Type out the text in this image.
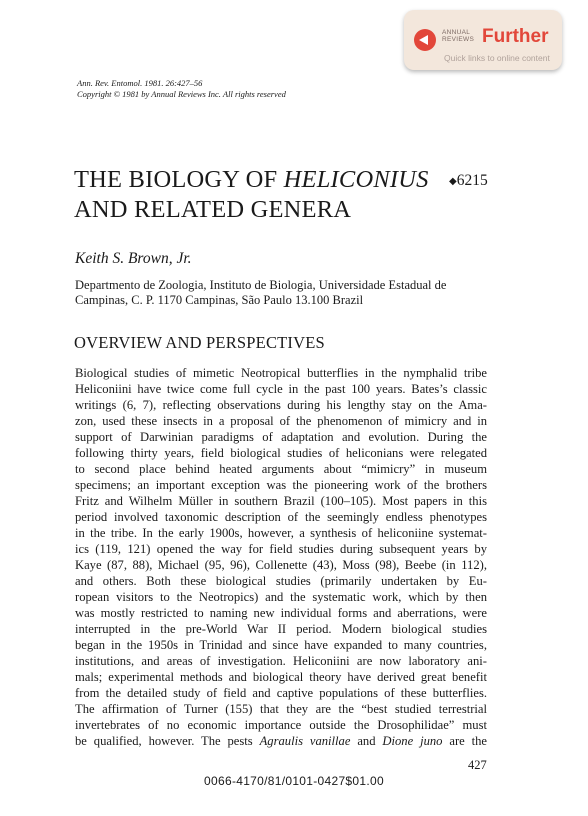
ANNUAL
REVIEWS Further
Quick links to online content
Ann. Rev. Entomol. 1981. 26:427–56
Copyright © 1981 by Annual Reviews Inc. All rights reserved
THE BIOLOGY OF HELICONIUS
AND RELATED GENERA
◆6215
Keith S. Brown, Jr.
Departmento de Zoologia, Instituto de Biologia, Universidade Estadual de
Campinas, C. P. 1170 Campinas, São Paulo 13.100 Brazil
OVERVIEW AND PERSPECTIVES
Biological studies of mimetic Neotropical butterflies in the nymphalid tribe
Heliconiini have twice come full cycle in the past 100 years. Bates’s classic
writings (6, 7), reflecting observations during his lengthy stay on the Ama-
zon, used these insects in a proposal of the phenomenon of mimicry and in
support of Darwinian paradigms of adaptation and evolution. During the
following thirty years, field biological studies of heliconians were relegated
to second place behind heated arguments about “mimicry” in museum
specimens; an important exception was the pioneering work of the brothers
Fritz and Wilhelm Müller in southern Brazil (100–105). Most papers in this
period involved taxonomic description of the seemingly endless phenotypes
in the tribe. In the early 1900s, however, a synthesis of heliconiine systemat-
ics (119, 121) opened the way for field studies during subsequent years by
Kaye (87, 88), Michael (95, 96), Collenette (43), Moss (98), Beebe (in 112),
and others. Both these biological studies (primarily undertaken by Eu-
ropean visitors to the Neotropics) and the systematic work, which by then
was mostly restricted to naming new individual forms and aberrations, were
interrupted in the pre-World War II period. Modern biological studies
began in the 1950s in Trinidad and since have expanded to many countries,
institutions, and areas of investigation. Heliconiini are now laboratory ani-
mals; experimental methods and biological theory have derived great benefit
from the detailed study of field and captive populations of these butterflies.
The affirmation of Turner (155) that they are the “best studied terrestrial
invertebrates of no economic importance outside the Drosophilidae” must
be qualified, however. The pests Agraulis vanillae and Dione juno are the
427
0066-4170/81/0101-0427$01.00
